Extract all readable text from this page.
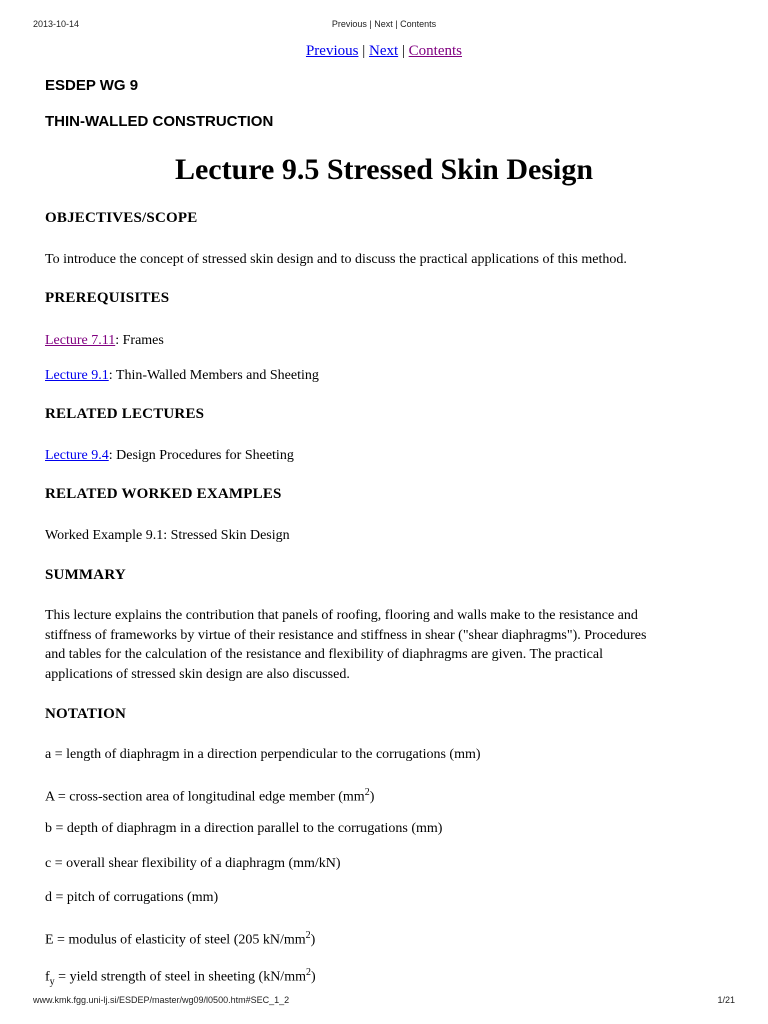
2013-10-14	Previous | Next | Contents
Previous | Next | Contents
ESDEP WG 9
THIN-WALLED CONSTRUCTION
Lecture 9.5 Stressed Skin Design
OBJECTIVES/SCOPE
To introduce the concept of stressed skin design and to discuss the practical applications of this method.
PREREQUISITES
Lecture 7.11: Frames
Lecture 9.1: Thin-Walled Members and Sheeting
RELATED LECTURES
Lecture 9.4: Design Procedures for Sheeting
RELATED WORKED EXAMPLES
Worked Example 9.1: Stressed Skin Design
SUMMARY
This lecture explains the contribution that panels of roofing, flooring and walls make to the resistance and
stiffness of frameworks by virtue of their resistance and stiffness in shear ("shear diaphragms"). Procedures
and tables for the calculation of the resistance and flexibility of diaphragms are given. The practical
applications of stressed skin design are also discussed.
NOTATION
a = length of diaphragm in a direction perpendicular to the corrugations (mm)
A = cross-section area of longitudinal edge member $(mm^2)$
b = depth of diaphragm in a direction parallel to the corrugations (mm)
c = overall shear flexibility of a diaphragm (mm/kN)
d = pitch of corrugations (mm)
E = modulus of elasticity of steel (205 $kN/mm^2$)
$f_y$ = yield strength of steel in sheeting $(kN/mm^2)$
www.kmk.fgg.uni-lj.si/ESDEP/master/wg09/l0500.htm#SEC_1_2	1/21
